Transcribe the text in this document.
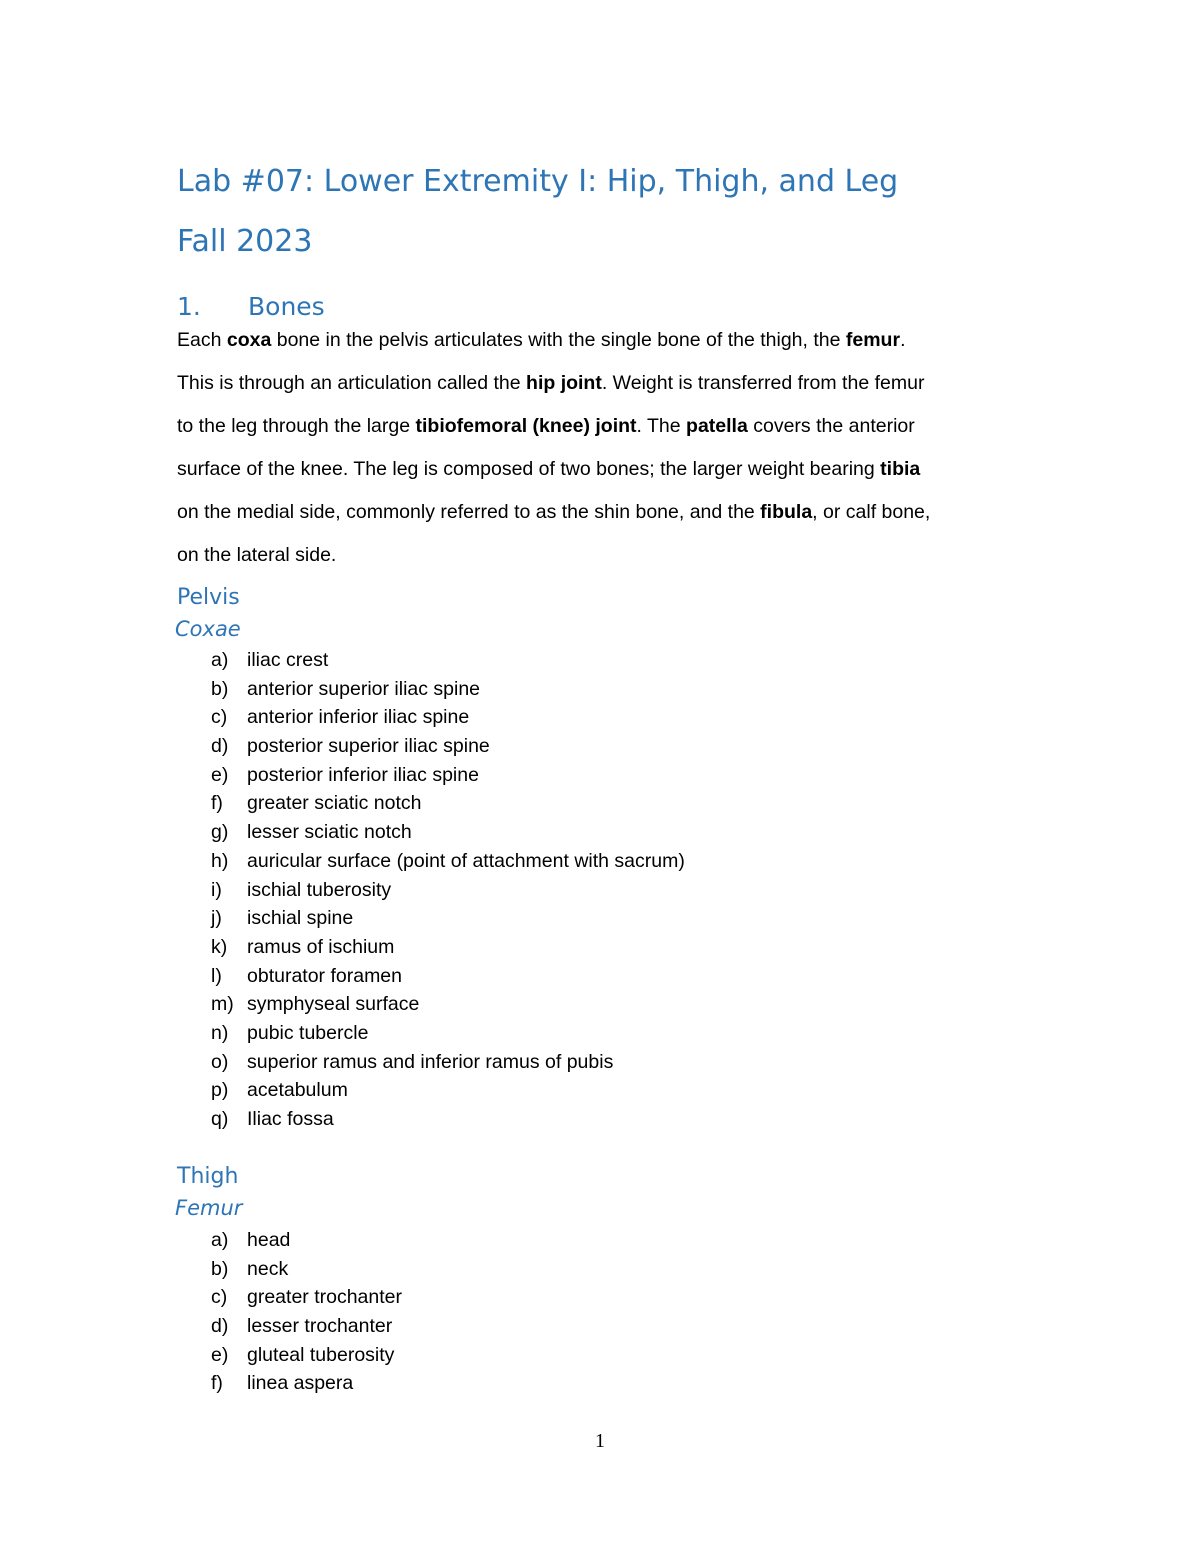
Lab #07: Lower Extremity I: Hip, Thigh, and Leg
Fall 2023
1. Bones
Each coxa bone in the pelvis articulates with the single bone of the thigh, the femur.
This is through an articulation called the hip joint. Weight is transferred from the femur
to the leg through the large tibiofemoral (knee) joint. The patella covers the anterior
surface of the knee. The leg is composed of two bones; the larger weight bearing tibia
on the medial side, commonly referred to as the shin bone, and the fibula, or calf bone,
on the lateral side.
Pelvis
Coxae
a) iliac crest
b) anterior superior iliac spine
c) anterior inferior iliac spine
d) posterior superior iliac spine
e) posterior inferior iliac spine
f) greater sciatic notch
g) lesser sciatic notch
h) auricular surface (point of attachment with sacrum)
i) ischial tuberosity
j) ischial spine
k) ramus of ischium
l) obturator foramen
m) symphyseal surface
n) pubic tubercle
o) superior ramus and inferior ramus of pubis
p) acetabulum
q) Iliac fossa
Thigh
Femur
a) head
b) neck
c) greater trochanter
d) lesser trochanter
e) gluteal tuberosity
f) linea aspera
1
